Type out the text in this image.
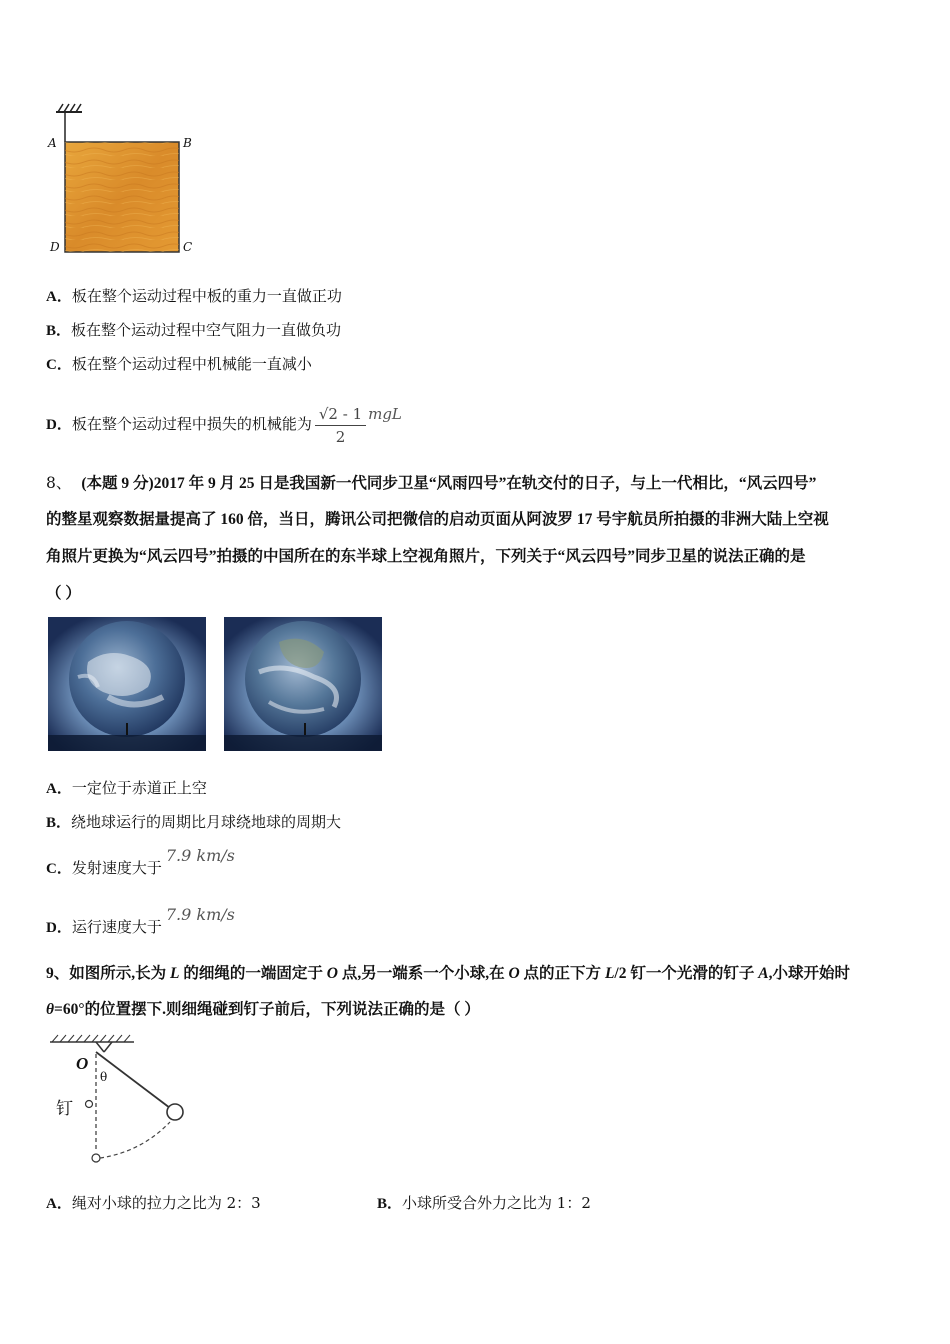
A	B
D	C
A．板在整个运动过程中板的重力一直做正功
B．板在整个运动过程中空气阻力一直做负功
C．板在整个运动过程中机械能一直减小
D．板在整个运动过程中损失的机械能为 $\frac{√2 - 1}{2}$ mgL
8、 (本题 9 分)2017 年 9 月 25 日是我国新一代同步卫星“风雨四号”在轨交付的日子，与上一代相比，“风云四号”
的整星观察数据量提高了 160 倍，当日，腾讯公司把微信的启动页面从阿波罗 17 号宇航员所拍摄的非洲大陆上空视
角照片更换为“风云四号”拍摄的中国所在的东半球上空视角照片，下列关于“风云四号”同步卫星的说法正确的是
（ ）
A．一定位于赤道正上空
B．绕地球运行的周期比月球绕地球的周期大
C．发射速度大于7.9 km/s
D．运行速度大于7.9 km/s
9、如图所示,长为 L 的细绳的一端固定于 O 点,另一端系一个小球,在 O 点的正下方 L/2 钉一个光滑的钉子 A,小球开始时
θ=60°的位置摆下.则细绳碰到钉子前后，下列说法正确的是（ ）
O
θ
钉
A．绳对小球的拉力之比为 2：3	B．小球所受合外力之比为 1：2
